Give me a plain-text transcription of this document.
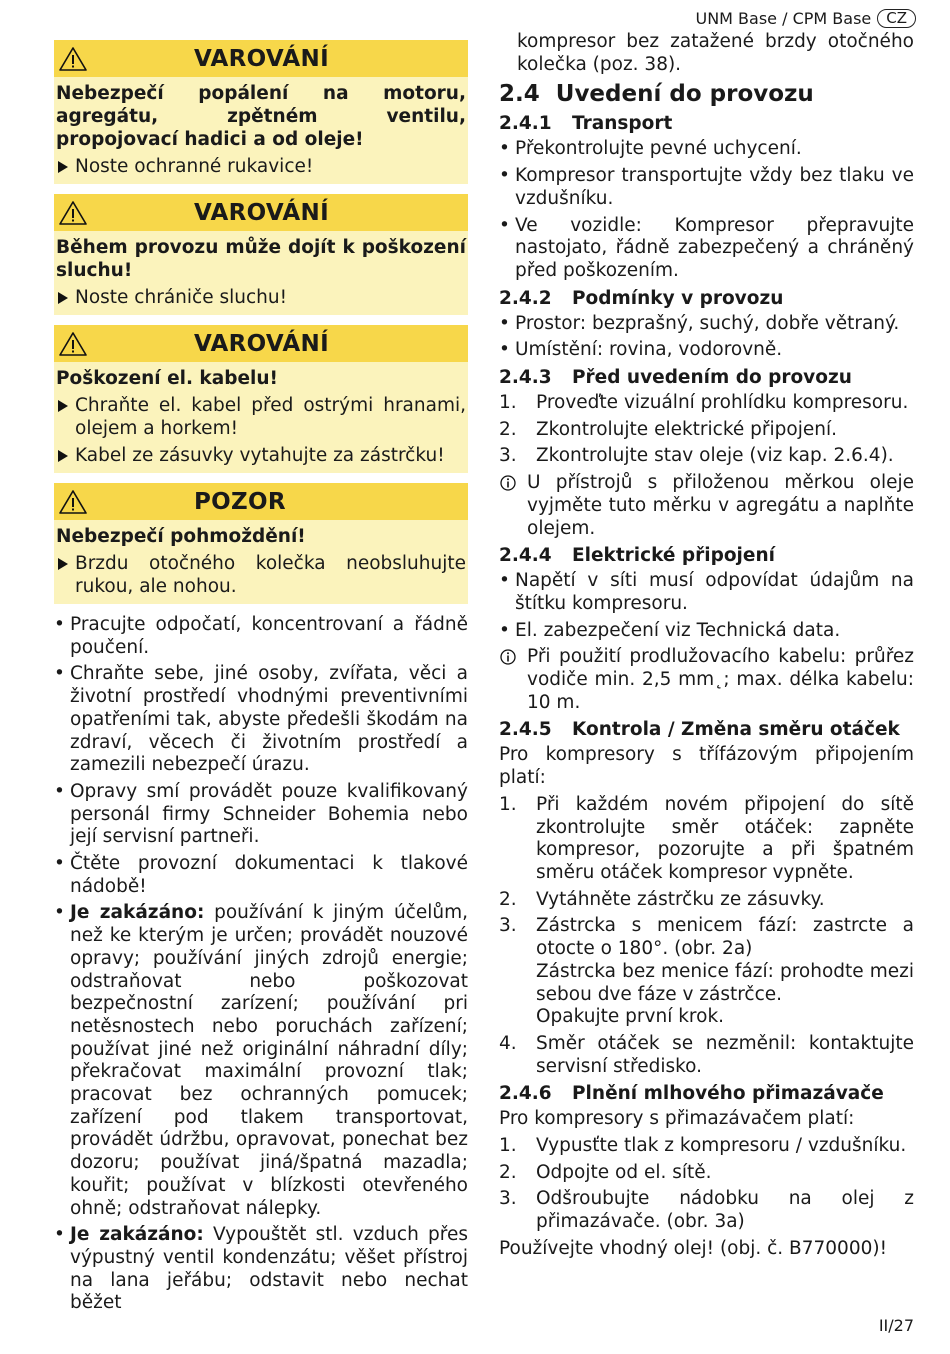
UNM Base / CPM Base	CZ
VAROVÁNÍ
Nebezpečí popálení na motoru, agregátu, zpětném ventilu, propojovací hadici a od oleje!
Noste ochranné rukavice!
VAROVÁNÍ
Během provozu může dojít k poškození sluchu!
Noste chrániče sluchu!
VAROVÁNÍ
Poškození el. kabelu!
Chraňte el. kabel před ostrými hranami, olejem a horkem!
Kabel ze zásuvky vytahujte za zástrčku!
POZOR
Nebezpečí pohmoždění!
Brzdu otočného kolečka neobsluhujte rukou, ale nohou.
• Pracujte odpočatí, koncentrovaní a řádně poučení.
• Chraňte sebe, jiné osoby, zvířata, věci a životní prostředí vhodnými preventivními opatřeními tak, abyste předešli škodám na zdraví, věcech či životním prostředí a zamezili nebezpečí úrazu.
• Opravy smí provádět pouze kvalifikovaný personál firmy Schneider Bohemia nebo její servisní partneři.
• Čtěte provozní dokumentaci k tlakové nádobě!
• Je zakázáno: používání k jiným účelům, než ke kterým je určen; provádět nouzové opravy; používání jiných zdrojů energie; odstraňovat nebo poškozovat bezpečnostní zarízení; používání pri netěsnostech nebo poruchách zařízení; používat jiné než originální náhradní díly; překračovat maximální provozní tlak; pracovat bez ochranných pomucek; zařízení pod tlakem transportovat, provádět údržbu, opravovat, ponechat bez dozoru; používat jiná/špatná mazadla; kouřit; používat v blízkosti otevřeného ohně; odstraňovat nálepky.
• Je zakázáno: Vypouštět stl. vzduch přes výpustný ventil kondenzátu; věšet přístroj na lana jeřábu; odstavit nebo nechat běžet
kompresor bez zatažené brzdy otočného kolečka (poz. 38).
2.4 Uvedení do provozu
2.4.1 Transport
• Překontrolujte pevné uchycení.
• Kompresor transportujte vždy bez tlaku ve vzdušníku.
• Ve vozidle: Kompresor přepravujte nastojato, řádně zabezpečený a chráněný před poškozením.
2.4.2 Podmínky v provozu
• Prostor: bezprašný, suchý, dobře větraný.
• Umístění: rovina, vodorovně.
2.4.3 Před uvedením do provozu
1. Proveďte vizuální prohlídku kompresoru.
2. Zkontrolujte elektrické připojení.
3. Zkontrolujte stav oleje (viz kap. 2.6.4).
U přístrojů s přiloženou měrkou oleje vyjměte tuto měrku v agregátu a naplňte olejem.
2.4.4 Elektrické připojení
• Napětí v síti musí odpovídat údajům na štítku kompresoru.
• El. zabezpečení viz Technická data.
Při použití prodlužovacího kabelu: průřez vodiče min. 2,5 mm˛; max. délka kabelu: 10 m.
2.4.5 Kontrola / Změna směru otáček
Pro kompresory s třífázovým připojením platí:
1. Při každém novém připojení do sítě zkontrolujte směr otáček: zapněte kompresor, pozorujte a při špatném směru otáček kompresor vypněte.
2. Vytáhněte zástrčku ze zásuvky.
3. Zástrcka s menicem fází: zastrcte a otocte o 180°. (obr. 2a)
Zástrcka bez menice fází: prohodte mezi sebou dve fáze v zástrčce.
Opakujte první krok.
4. Směr otáček se nezměnil: kontaktujte servisní středisko.
2.4.6 Plnění mlhového přimazávače
Pro kompresory s přimazávačem platí:
1. Vypusťte tlak z kompresoru / vzdušníku.
2. Odpojte od el. sítě.
3. Odšroubujte nádobku na olej z přimazávače. (obr. 3a)
Používejte vhodný olej! (obj. č. B770000)!
II/27
